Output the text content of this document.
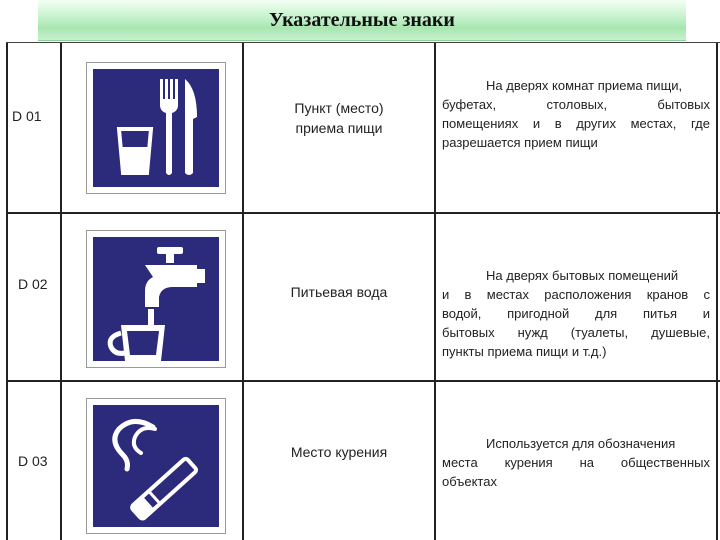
Указательные знаки
D 01	Пункт (место)
приема пищи
На дверях комнат приема пищи,
буфетах, столовых, бытовых
помещениях и в других местах, где
разрешается прием пищи
D 02	Питьевая вода
На дверях бытовых помещений
и в местах расположения кранов с
водой, пригодной для питья и
бытовых нужд (туалеты, душевые,
пункты приема пищи и т.д.)
D 03
Место курения
Используется для обозначения
места курения на общественных
объектах
